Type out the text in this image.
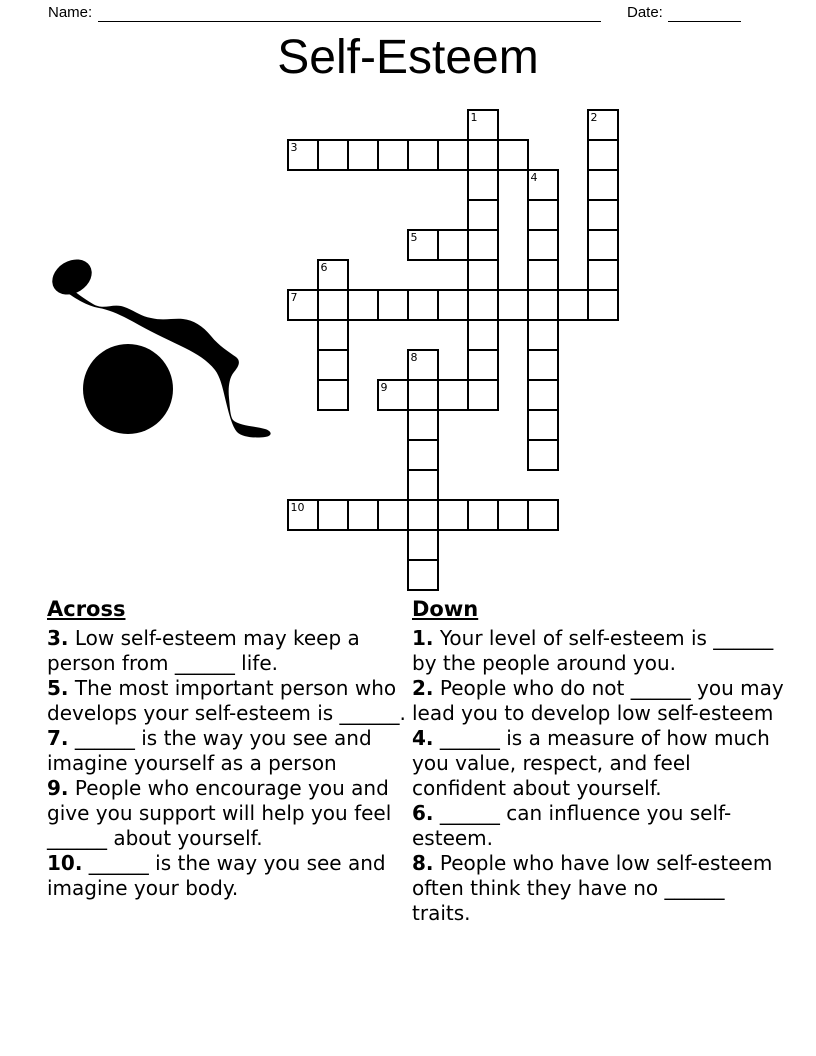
Name:	Date:
Self-Esteem
1	2
3
4
5
6
7
8
9
10
Across

3. Low self-esteem may keep a person from ______ life.

5. The most important person who develops your self-esteem is ______.

7. ______ is the way you see and imagine yourself as a person

9. People who encourage you and give you support will help you feel ______ about yourself.

10. ______ is the way you see and imagine your body.

Down

1. Your level of self-esteem is ______ by the people around you.

2. People who do not ______ you may lead you to develop low self-esteem

4. ______ is a measure of how much you value, respect, and feel confident about yourself.

6. ______ can influence you self-esteem.

8. People who have low self-esteem often think they have no ______ traits.
